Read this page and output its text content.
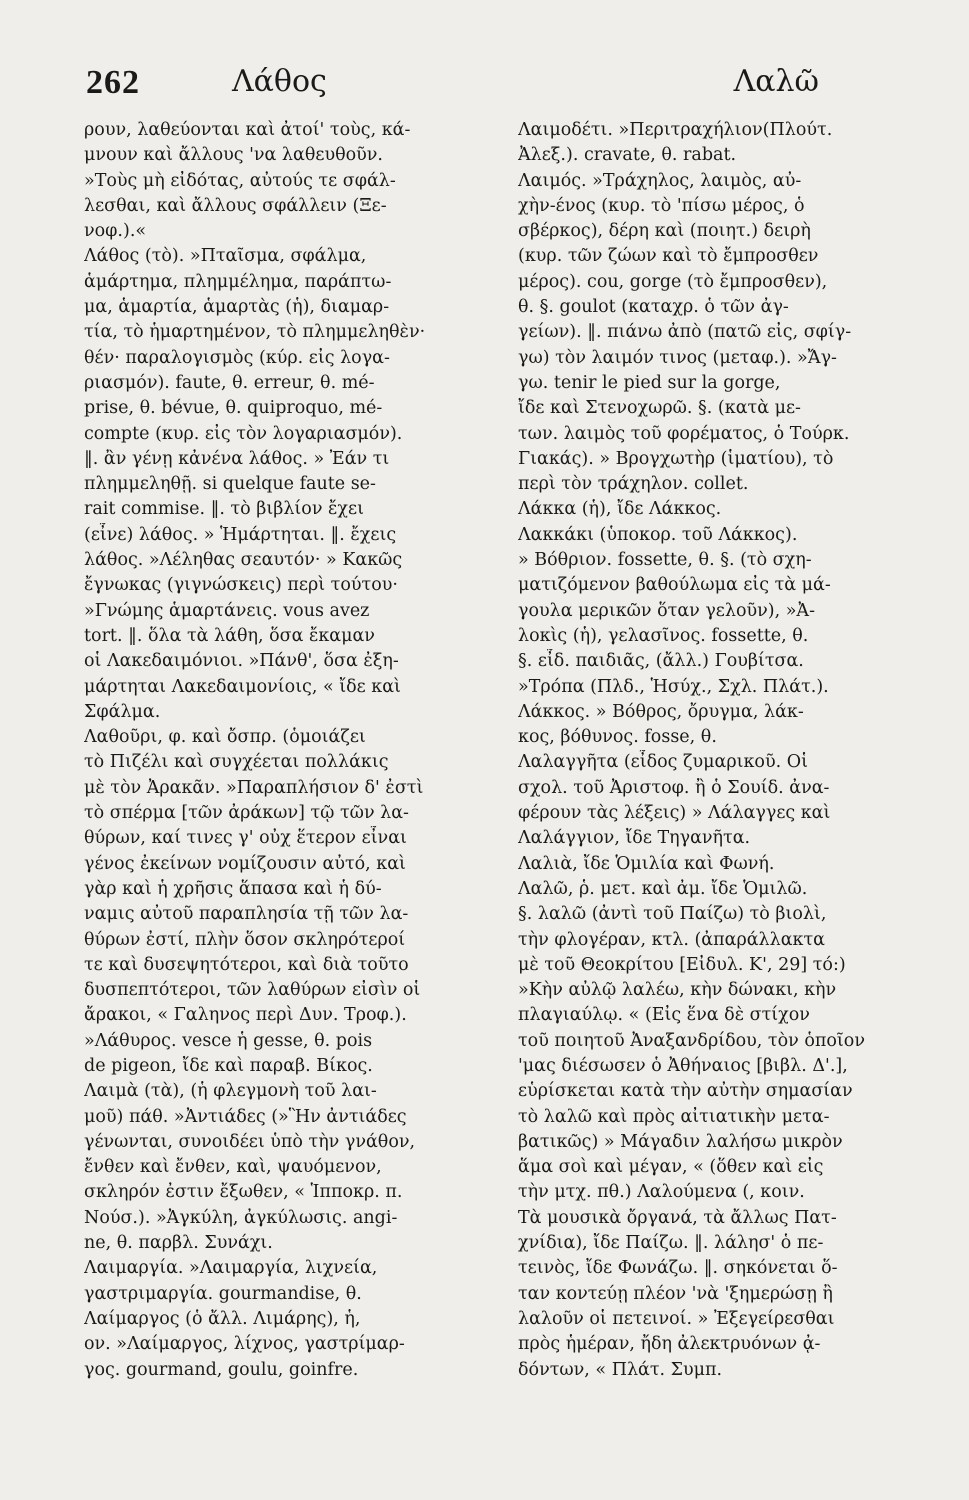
262	Λάθος	Λαλῶ
ρουν, λαθεύονται καὶ ἀτοί' τοὺς, κά-
μνουν καὶ ἄλλους 'να λαθευθοῦν.
»Τοὺς μὴ εἰδότας, αὐτούς τε σφάλ-
λεσθαι, καὶ ἄλλους σφάλλειν (Ξε-
νοφ.).«
Λάθος (τὸ). »Πταῖσμα, σφάλμα,
ἁμάρτημα, πλημμέλημα, παράπτω-
μα, ἁμαρτία, ἁμαρτὰς (ἡ), διαμαρ-
τία, τὸ ἡμαρτημένον, τὸ πλημμεληθὲν·
θέν· παραλογισμὸς (κύρ. εἰς λογα-
ριασμόν). faute, θ. erreur, θ. mé-
prise, θ. bévue, θ. quiproquo, mé-
compte (κυρ. εἰς τὸν λογαριασμόν).
‖. ἂν γένῃ κἀνένα λάθος. » Ἐάν τι
πλημμεληθῇ. si quelque faute se-
rait commise. ‖. τὸ βιβλίον ἔχει
(εἶνε) λάθος. » Ἡμάρτηται. ‖. ἔχεις
λάθος. »Λέληθας σεαυτόν· » Κακῶς
ἔγνωκας (γιγνώσκεις) περὶ τούτου·
»Γνώμης ἁμαρτάνεις. vous avez
tort. ‖. ὅλα τὰ λάθη, ὅσα ἔκαμαν
οἱ Λακεδαιμόνιοι. »Πάνθ', ὅσα ἐξη-
μάρτηται Λακεδαιμονίοις, « ἴδε καὶ
Σφάλμα.
Λαθοῦρι, φ. καὶ ὄσπρ. (ὁμοιάζει
τὸ Πιζέλι καὶ συγχέεται πολλάκις
μὲ τὸν Ἀρακᾶν. »Παραπλήσιον δ' ἐστὶ
τὸ σπέρμα [τῶν ἀράκων] τῷ τῶν λα-
θύρων, καί τινες γ' οὐχ ἕτερον εἶναι
γένος ἐκείνων νομίζουσιν αὐτό, καὶ
γὰρ καὶ ἡ χρῆσις ἅπασα καὶ ἡ δύ-
ναμις αὐτοῦ παραπλησία τῇ τῶν λα-
θύρων ἐστί, πλὴν ὅσον σκληρότεροί
τε καὶ δυσεψητότεροι, καὶ διὰ τοῦτο
δυσπεπτότεροι, τῶν λαθύρων εἰσὶν οἱ
ἄρακοι, « Γαληνος περὶ Δυν. Τροφ.).
»Λάθυρος. vesce ἡ gesse, θ. pois
de pigeon, ἴδε καὶ παραβ. Βίκος.
Λαιμὰ (τὰ), (ἡ φλεγμονὴ τοῦ λαι-
μοῦ) πάθ. »Ἀντιάδες (»Ἣν ἀντιάδες
γένωνται, συνοιδέει ὑπὸ τὴν γνάθον,
ἔνθεν καὶ ἔνθεν, καὶ, ψαυόμενον,
σκληρόν ἐστιν ἔξωθεν, « Ἱπποκρ. π.
Νούσ.). »Ἀγκύλη, ἀγκύλωσις. angi-
ne, θ. παρβλ. Συνάχι.
Λαιμαργία. »Λαιμαργία, λιχνεία,
γαστριμαργία. gourmandise, θ.
Λαίμαργος (ὁ ἄλλ. Λιμάρης), ἡ,
ον. »Λαίμαργος, λίχνος, γαστρίμαρ-
γος. gourmand, goulu, goinfre.
Λαιμοδέτι. »Περιτραχήλιον(Πλούτ.
Ἀλεξ.). cravate, θ. rabat.
Λαιμός. »Τράχηλος, λαιμὸς, αὐ-
χὴν-ένος (κυρ. τὸ 'πίσω μέρος, ὁ
σβέρκος), δέρη καὶ (ποιητ.) δειρὴ
(κυρ. τῶν ζώων καὶ τὸ ἔμπροσθεν
μέρος). cou, gorge (τὸ ἔμπροσθεν),
θ. §. goulot (καταχρ. ὁ τῶν ἀγ-
γείων). ‖. πιάνω ἀπὸ (πατῶ εἰς, σφίγ-
γω) τὸν λαιμόν τινος (μεταφ.). »Ἄγ-
γω. tenir le pied sur la gorge,
ἴδε καὶ Στενοχωρῶ. §. (κατὰ με-
των. λαιμὸς τοῦ φορέματος, ὁ Τούρκ.
Γιακάς). » Βρογχωτὴρ (ἱματίου), τὸ
περὶ τὸν τράχηλον. collet.
Λάκκα (ἡ), ἴδε Λάκκος.
Λακκάκι (ὑποκορ. τοῦ Λάκκος).
» Βόθριον. fossette, θ. §. (τὸ σχη-
ματιζόμενον βαθούλωμα εἰς τὰ μά-
γουλα μερικῶν ὅταν γελοῦν), »Ἀ-
λοκὶς (ἡ), γελασῖνος. fossette, θ.
§. εἶδ. παιδιᾶς, (ἄλλ.) Γουβίτσα.
»Τρόπα (Πλδ., Ἡσύχ., Σχλ. Πλάτ.).
Λάκκος. » Βόθρος, ὄρυγμα, λάκ-
κος, βόθυνος. fosse, θ.
Λαλαγγῆτα (εἶδος ζυμαρικοῦ. Οἱ
σχολ. τοῦ Ἀριστοφ. ἢ ὁ Σουίδ. ἀνα-
φέρουν τὰς λέξεις) » Λάλαγγες καὶ
Λαλάγγιον, ἴδε Τηγανῆτα.
Λαλιὰ, ἴδε Ὁμιλία καὶ Φωνή.
Λαλῶ, ῥ. μετ. καὶ ἀμ. ἴδε Ὁμιλῶ.
§. λαλῶ (ἀντὶ τοῦ Παίζω) τὸ βιολὶ,
τὴν φλογέραν, κτλ. (ἀπαράλλακτα
μὲ τοῦ Θεοκρίτου [Εἰδυλ. Κ', 29] τό:)
»Κὴν αὐλῷ λαλέω, κὴν δώνακι, κὴν
πλαγιαύλῳ. « (Εἰς ἕνα δὲ στίχον
τοῦ ποιητοῦ Ἀναξανδρίδου, τὸν ὁποῖον
'μας διέσωσεν ὁ Ἀθήναιος [βιβλ. Δ'.],
εὑρίσκεται κατὰ τὴν αὐτὴν σημασίαν
τὸ λαλῶ καὶ πρὸς αἰτιατικὴν μετα-
βατικῶς) » Μάγαδιν λαλήσω μικρὸν
ἅμα σοὶ καὶ μέγαν, « (ὅθεν καὶ εἰς
τὴν μτχ. πθ.) Λαλούμενα (, κοιν.
Τὰ μουσικὰ ὄργανά, τὰ ἄλλως Πατ-
χνίδια), ἴδε Παίζω. ‖. λάλησ' ὁ πε-
τεινὸς, ἴδε Φωνάζω. ‖. σηκόνεται ὅ-
ταν κοντεύῃ πλέον 'νὰ 'ξημερώσῃ ἢ
λαλοῦν οἱ πετεινοί. » Ἐξεγείρεσθαι
πρὸς ἡμέραν, ἤδη ἀλεκτρυόνων ᾀ-
δόντων, « Πλάτ. Συμπ.
